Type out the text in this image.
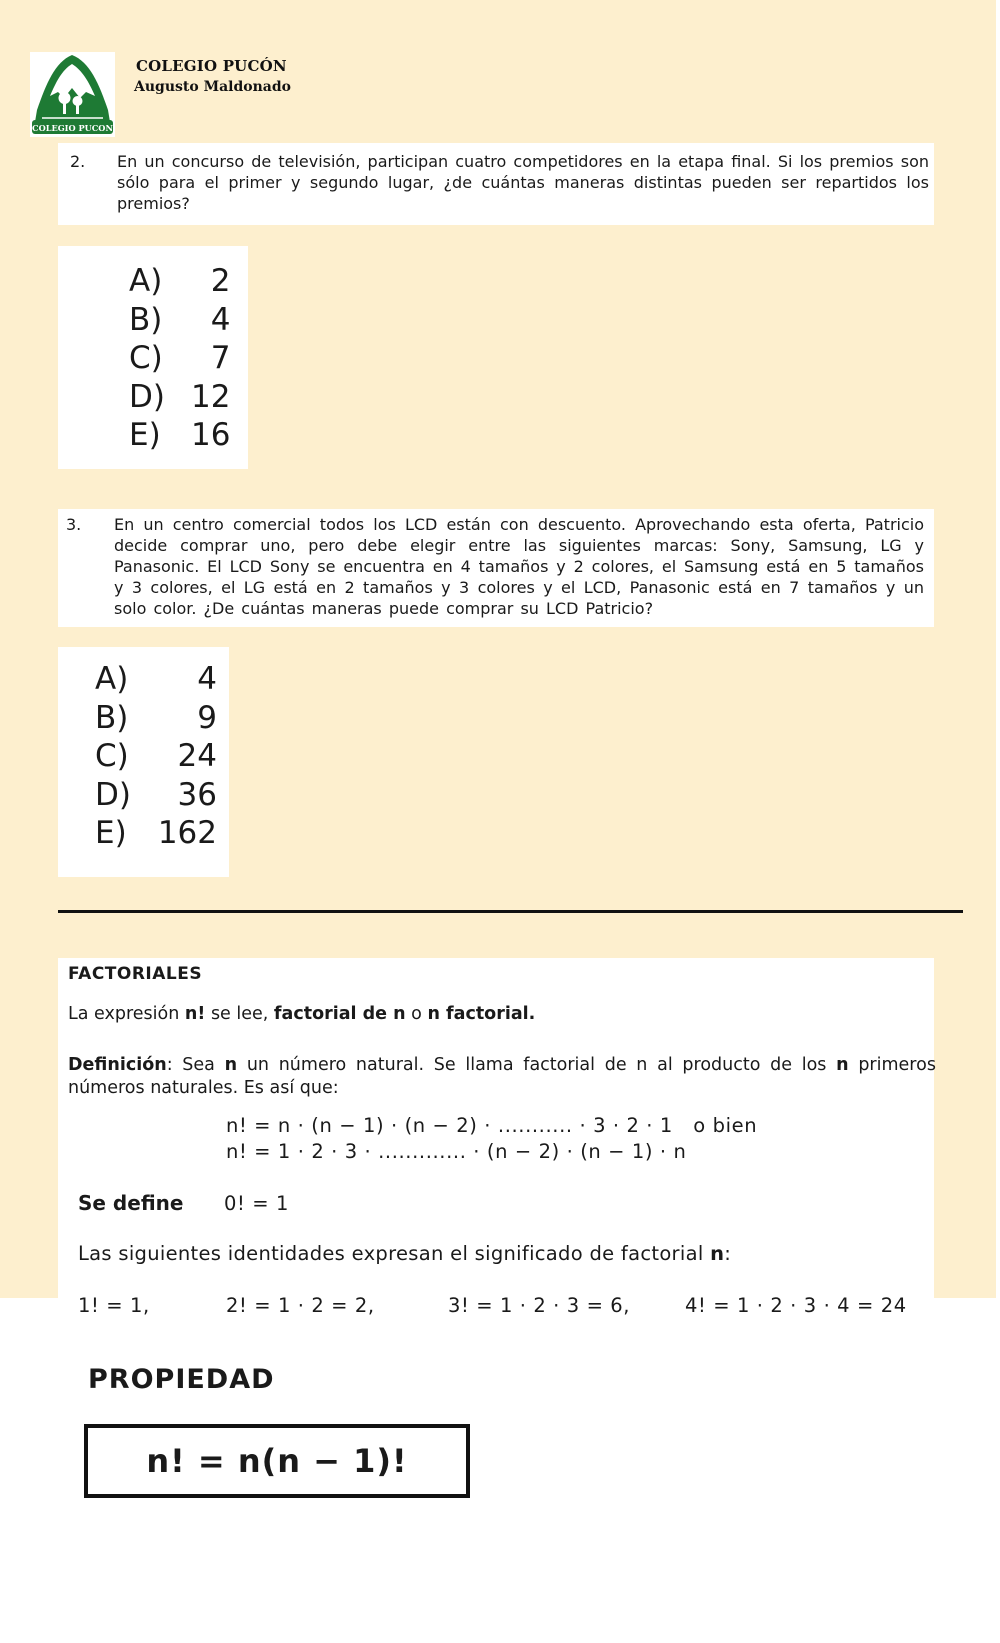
COLEGIO PUCON
COLEGIO PUCÓN
Augusto Maldonado
2. En un concurso de televisión, participan cuatro competidores en la etapa final. Si los premios son sólo para el primer y segundo lugar, ¿de cuántas maneras distintas pueden ser repartidos los premios?
A)	2
B)	4
C)	7
D)	12
E)	16
3. En un centro comercial todos los LCD están con descuento. Aprovechando esta oferta, Patricio decide comprar uno, pero debe elegir entre las siguientes marcas: Sony, Samsung, LG y Panasonic. El LCD Sony se encuentra en 4 tamaños y 2 colores, el Samsung está en 5 tamaños y 3 colores, el LG está en 2 tamaños y 3 colores y el LCD, Panasonic está en 7 tamaños y un solo color. ¿De cuántas maneras puede comprar su LCD Patricio?
A)	4
B)	9
C)	24
D)	36
E)	162
FACTORIALES
La expresión n! se lee, factorial de n o n factorial.
Definición: Sea n un número natural. Se llama factorial de n al producto de los n primeros números naturales. Es así que:
n! = n · (n − 1) · (n − 2) · ........... · 3 · 2 · 1 o bien
n! = 1 · 2 · 3 · ............. · (n − 2) · (n − 1) · n
Se define 0! = 1
Las siguientes identidades expresan el significado de factorial n:
1! = 1,	2! = 1 · 2 = 2,	3! = 1 · 2 · 3 = 6,	4! = 1 · 2 · 3 · 4 = 24
PROPIEDAD
n! = n(n − 1)!
